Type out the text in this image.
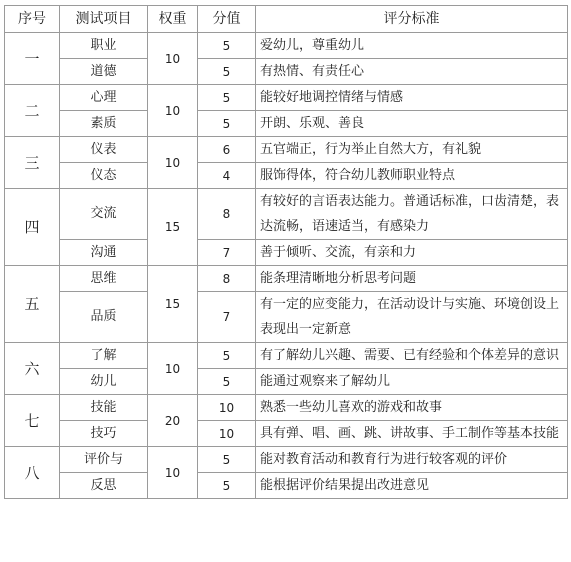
序号	测试项目	权重	分值	评分标准
一	职业	10	5	爱幼儿，尊重幼儿
	道德		5	有热情、有责任心
二	心理	10	5	能较好地调控情绪与情感
	素质		5	开朗、乐观、善良
三	仪表	10	6	五官端正，行为举止自然大方，有礼貌
	仪态		4	服饰得体，符合幼儿教师职业特点
四	交流	15	8	有较好的言语表达能力。普通话标准，口齿清楚，表达流畅，语速适当，有感染力
	沟通		7	善于倾听、交流，有亲和力
五	思维	15	8	能条理清晰地分析思考问题
	品质		7	有一定的应变能力，在活动设计与实施、环境创设上表现出一定新意
六	了解	10	5	有了解幼儿兴趣、需要、已有经验和个体差异的意识
	幼儿		5	能通过观察来了解幼儿
七	技能	20	10	熟悉一些幼儿喜欢的游戏和故事
	技巧		10	具有弹、唱、画、跳、讲故事、手工制作等基本技能
八	评价与	10	5	能对教育活动和教育行为进行较客观的评价
	反思		5	能根据评价结果提出改进意见
